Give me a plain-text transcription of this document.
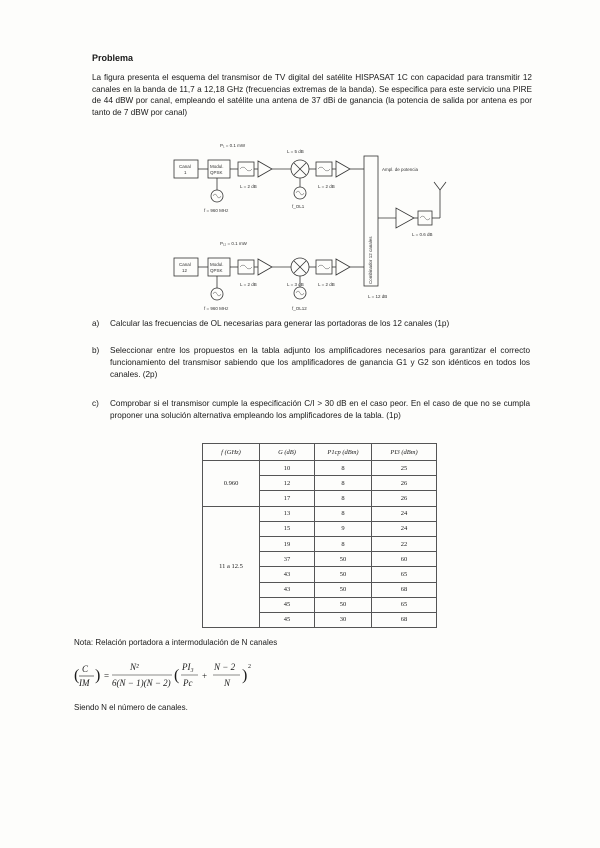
Problema
La figura presenta el esquema del transmisor de TV digital del satélite HISPASAT 1C con capacidad para transmitir 12 canales en la banda de 11,7 a 12,18 GHz (frecuencias extremas de la banda). Se especifica para este servicio una PIRE de 44 dBW por canal, empleando el satélite una antena de 37 dBi de ganancia (la potencia de salida por antena es por tanto de 7 dBW por canal)
Canal
1
Modul.
QPSK
Canal
12
Modul.
QPSK
P₁ = 0.1 mW
P₁₂ = 0.1 mW
L = 5 dB
L = 3 dB
L = 2 dB	L = 2 dB
L = 2 dB	L = 2 dB
f = 960 MHz
f = 960 MHz
f_OL1
f_OL12
Combinador 12 canales
L = 12 dB
Ampl. de potencia
L = 0.6 dB
a) Calcular las frecuencias de OL necesarias para generar las portadoras de los 12 canales (1p)
b) Seleccionar entre los propuestos en la tabla adjunto los amplificadores necesarios para garantizar el correcto funcionamiento del transmisor sabiendo que los amplificadores de ganancia G1 y G2 son idénticos en todos los canales. (2p)
c) Comprobar si el transmisor cumple la especificación C/I > 30 dB en el caso peor. En el caso de que no se cumpla proponer una solución alternativa empleando los amplificadores de la tabla. (1p)
f (GHz)	G (dB)	P1cp (dBm)	PI3 (dBm)
0.960	10	8	25
	12	8	26
	17	8	26
11 a 12.5	13	8	24
	15	9	24
	19	8	22
	37	50	60
	43	50	65
	43	50	68
	45	50	65
	45	30	68
Nota: Relación portadora a intermodulación de N canales
C
IM
( ) =
N²
6(N − 1)(N − 2) ( PI₃
Pc
+
N − 2
N ) 2
Siendo N el número de canales.
